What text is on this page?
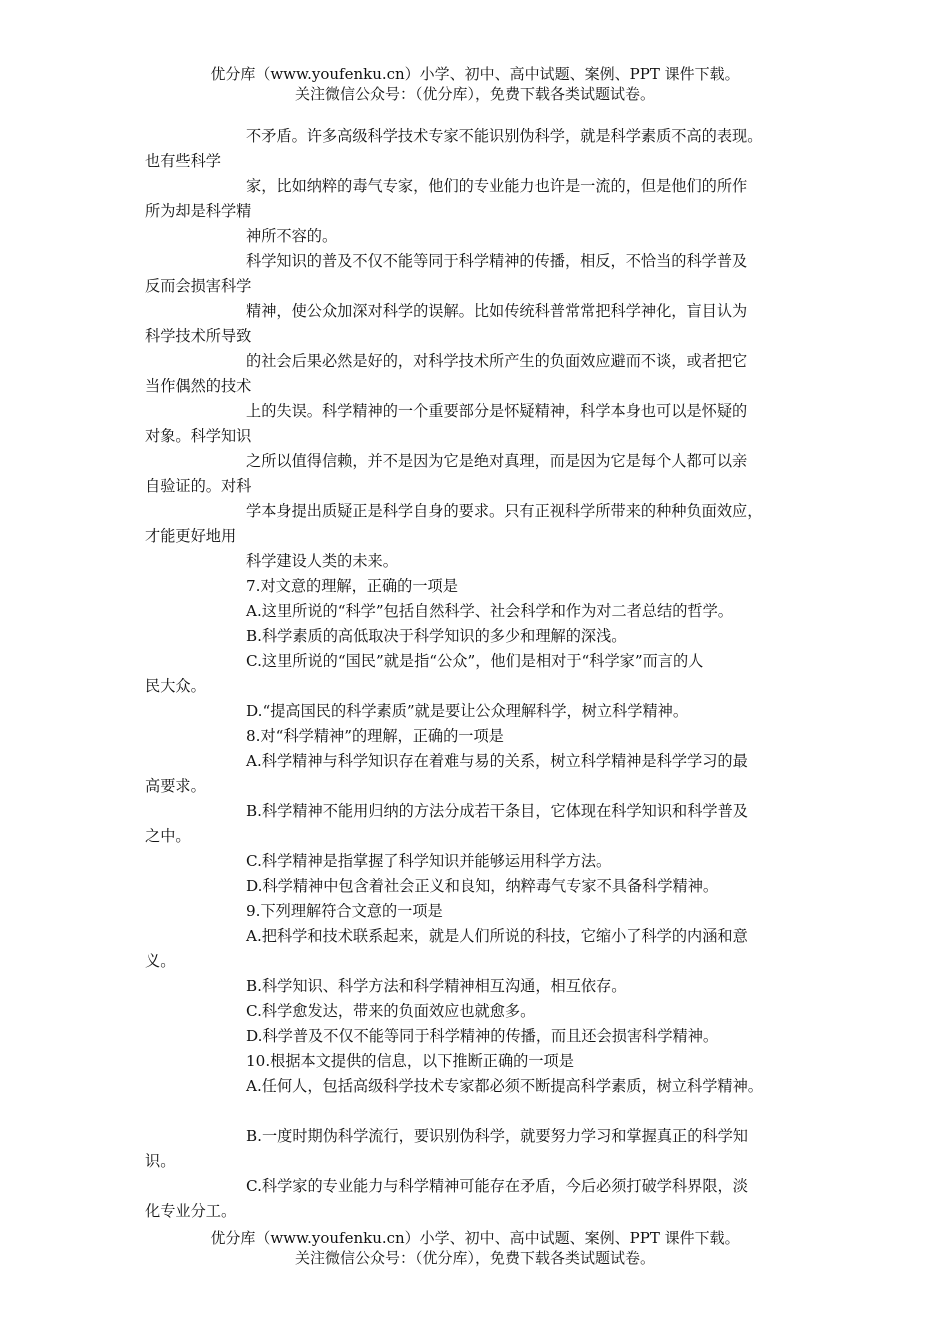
优分库（www.youfenku.cn）小学、初中、高中试题、案例、PPT 课件下载。
关注微信公众号：（优分库），免费下载各类试题试卷。
不矛盾。许多高级科学技术专家不能识别伪科学，就是科学素质不高的表现。
也有些科学
家，比如纳粹的毒气专家，他们的专业能力也许是一流的，但是他们的所作
所为却是科学精
神所不容的。
科学知识的普及不仅不能等同于科学精神的传播，相反，不恰当的科学普及
反而会损害科学
精神，使公众加深对科学的误解。比如传统科普常常把科学神化，盲目认为
科学技术所导致
的社会后果必然是好的，对科学技术所产生的负面效应避而不谈，或者把它
当作偶然的技术
上的失误。科学精神的一个重要部分是怀疑精神，科学本身也可以是怀疑的
对象。科学知识
之所以值得信赖，并不是因为它是绝对真理，而是因为它是每个人都可以亲
自验证的。对科
学本身提出质疑正是科学自身的要求。只有正视科学所带来的种种负面效应，
才能更好地用
科学建设人类的未来。
7.对文意的理解，正确的一项是
A.这里所说的“科学”包括自然科学、社会科学和作为对二者总结的哲学。
B.科学素质的高低取决于科学知识的多少和理解的深浅。
C.这里所说的“国民”就是指“公众”，他们是相对于“科学家”而言的人
民大众。
D.“提高国民的科学素质”就是要让公众理解科学，树立科学精神。
8.对“科学精神”的理解，正确的一项是
A.科学精神与科学知识存在着难与易的关系，树立科学精神是科学学习的最
高要求。
B.科学精神不能用归纳的方法分成若干条目，它体现在科学知识和科学普及
之中。
C.科学精神是指掌握了科学知识并能够运用科学方法。
D.科学精神中包含着社会正义和良知，纳粹毒气专家不具备科学精神。
9.下列理解符合文意的一项是
A.把科学和技术联系起来，就是人们所说的科技，它缩小了科学的内涵和意
义。
B.科学知识、科学方法和科学精神相互沟通，相互依存。
C.科学愈发达，带来的负面效应也就愈多。
D.科学普及不仅不能等同于科学精神的传播，而且还会损害科学精神。
10.根据本文提供的信息，以下推断正确的一项是
A.任何人，包括高级科学技术专家都必须不断提高科学素质，树立科学精神。
B.一度时期伪科学流行，要识别伪科学，就要努力学习和掌握真正的科学知
识。
C.科学家的专业能力与科学精神可能存在矛盾，今后必须打破学科界限，淡
化专业分工。
优分库（www.youfenku.cn）小学、初中、高中试题、案例、PPT 课件下载。
关注微信公众号：（优分库），免费下载各类试题试卷。
